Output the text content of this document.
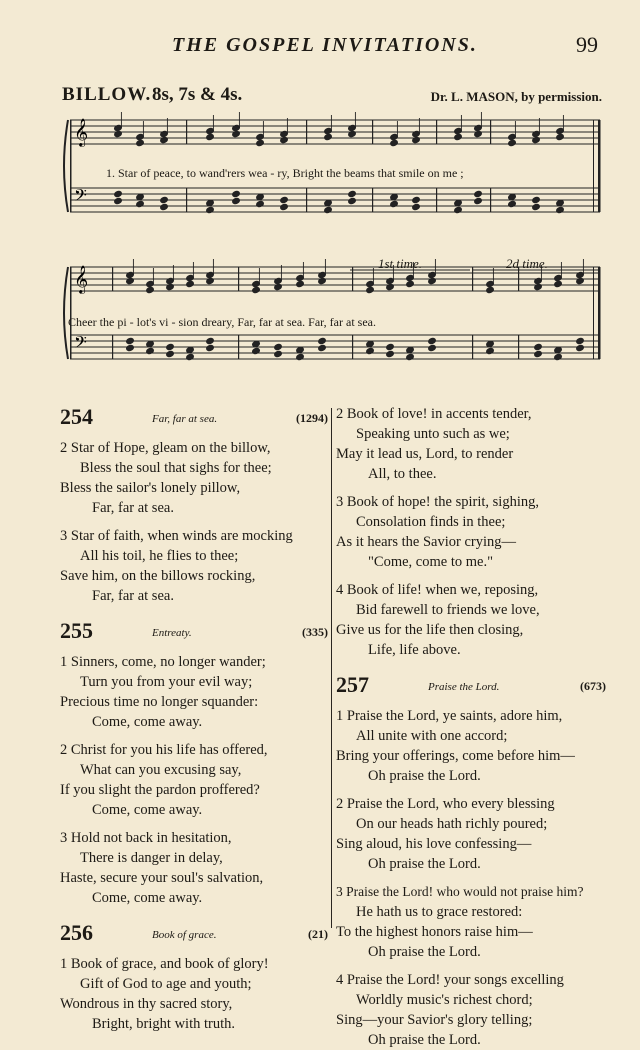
THE GOSPEL INVITATIONS.	99
BILLOW. 8s, 7s & 4s.	Dr. L. MASON, by permission.
𝄞
𝄢
𝄞
𝄢
1. Star of peace, to wand'rers wea - ry, Bright the beams that smile on me ;
Cheer the pi - lot's vi - sion dreary, Far, far at sea. Far, far at sea.
1st time.	2d time.
254	Far, far at sea.	(1294)
2 Star of Hope, gleam on the billow,
Bless the soul that sighs for thee;
Bless the sailor's lonely pillow,
Far, far at sea.
3 Star of faith, when winds are mocking
All his toil, he flies to thee;
Save him, on the billows rocking,
Far, far at sea.
255	Entreaty.	(335)
1 Sinners, come, no longer wander;
Turn you from your evil way;
Precious time no longer squander:
Come, come away.
2 Christ for you his life has offered,
What can you excusing say,
If you slight the pardon proffered?
Come, come away.
3 Hold not back in hesitation,
There is danger in delay,
Haste, secure your soul's salvation,
Come, come away.
256	Book of grace.	(21)
1 Book of grace, and book of glory!
Gift of God to age and youth;
Wondrous in thy sacred story,
Bright, bright with truth.
2 Book of love! in accents tender,
Speaking unto such as we;
May it lead us, Lord, to render
All, to thee.
3 Book of hope! the spirit, sighing,
Consolation finds in thee;
As it hears the Savior crying—
"Come, come to me."
4 Book of life! when we, reposing,
Bid farewell to friends we love,
Give us for the life then closing,
Life, life above.
257	Praise the Lord.	(673)
1 Praise the Lord, ye saints, adore him,
All unite with one accord;
Bring your offerings, come before him—
Oh praise the Lord.
2 Praise the Lord, who every blessing
On our heads hath richly poured;
Sing aloud, his love confessing—
Oh praise the Lord.
3 Praise the Lord! who would not praise him?
He hath us to grace restored:
To the highest honors raise him—
Oh praise the Lord.
4 Praise the Lord! your songs excelling
Worldly music's richest chord;
Sing—your Savior's glory telling;
Oh praise the Lord.
